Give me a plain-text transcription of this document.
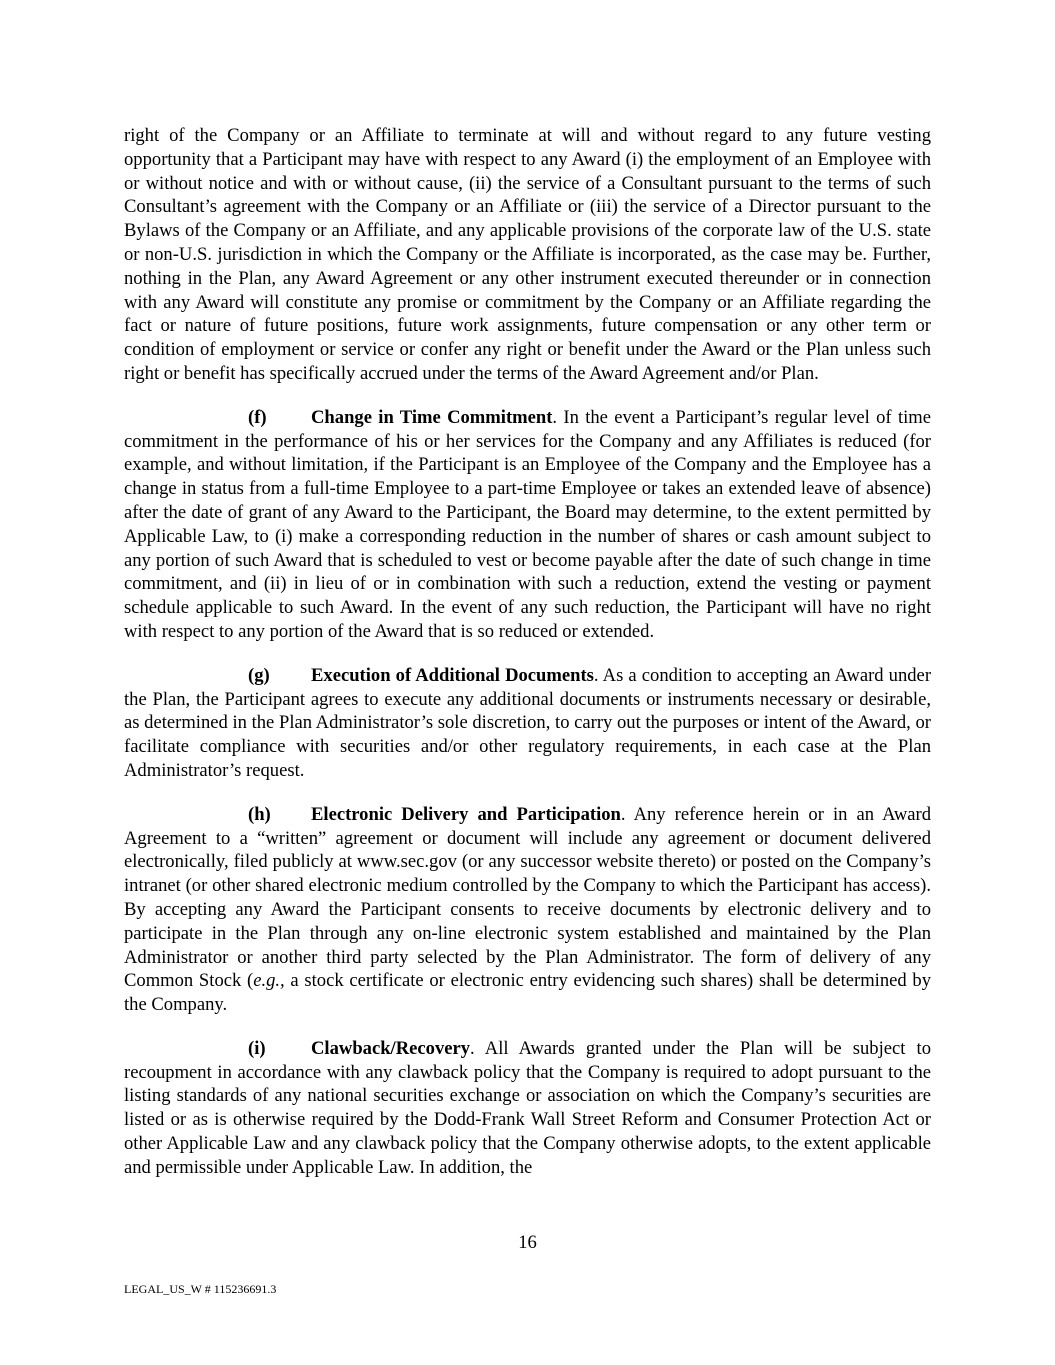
right of the Company or an Affiliate to terminate at will and without regard to any future vesting opportunity that a Participant may have with respect to any Award (i) the employment of an Employee with or without notice and with or without cause, (ii) the service of a Consultant pursuant to the terms of such Consultant’s agreement with the Company or an Affiliate or (iii) the service of a Director pursuant to the Bylaws of the Company or an Affiliate, and any applicable provisions of the corporate law of the U.S. state or non-U.S. jurisdiction in which the Company or the Affiliate is incorporated, as the case may be. Further, nothing in the Plan, any Award Agreement or any other instrument executed thereunder or in connection with any Award will constitute any promise or commitment by the Company or an Affiliate regarding the fact or nature of future positions, future work assignments, future compensation or any other term or condition of employment or service or confer any right or benefit under the Award or the Plan unless such right or benefit has specifically accrued under the terms of the Award Agreement and/or Plan.

(f) Change in Time Commitment. In the event a Participant’s regular level of time commitment in the performance of his or her services for the Company and any Affiliates is reduced (for example, and without limitation, if the Participant is an Employee of the Company and the Employee has a change in status from a full-time Employee to a part-time Employee or takes an extended leave of absence) after the date of grant of any Award to the Participant, the Board may determine, to the extent permitted by Applicable Law, to (i) make a corresponding reduction in the number of shares or cash amount subject to any portion of such Award that is scheduled to vest or become payable after the date of such change in time commitment, and (ii) in lieu of or in combination with such a reduction, extend the vesting or payment schedule applicable to such Award. In the event of any such reduction, the Participant will have no right with respect to any portion of the Award that is so reduced or extended.

(g) Execution of Additional Documents. As a condition to accepting an Award under the Plan, the Participant agrees to execute any additional documents or instruments necessary or desirable, as determined in the Plan Administrator’s sole discretion, to carry out the purposes or intent of the Award, or facilitate compliance with securities and/or other regulatory requirements, in each case at the Plan Administrator’s request.

(h) Electronic Delivery and Participation. Any reference herein or in an Award Agreement to a “written” agreement or document will include any agreement or document delivered electronically, filed publicly at www.sec.gov (or any successor website thereto) or posted on the Company’s intranet (or other shared electronic medium controlled by the Company to which the Participant has access). By accepting any Award the Participant consents to receive documents by electronic delivery and to participate in the Plan through any on-line electronic system established and maintained by the Plan Administrator or another third party selected by the Plan Administrator. The form of delivery of any Common Stock (e.g., a stock certificate or electronic entry evidencing such shares) shall be determined by the Company.

(i) Clawback/Recovery. All Awards granted under the Plan will be subject to recoupment in accordance with any clawback policy that the Company is required to adopt pursuant to the listing standards of any national securities exchange or association on which the Company’s securities are listed or as is otherwise required by the Dodd-Frank Wall Street Reform and Consumer Protection Act or other Applicable Law and any clawback policy that the Company otherwise adopts, to the extent applicable and permissible under Applicable Law. In addition, the

16
LEGAL_US_W # 115236691.3
